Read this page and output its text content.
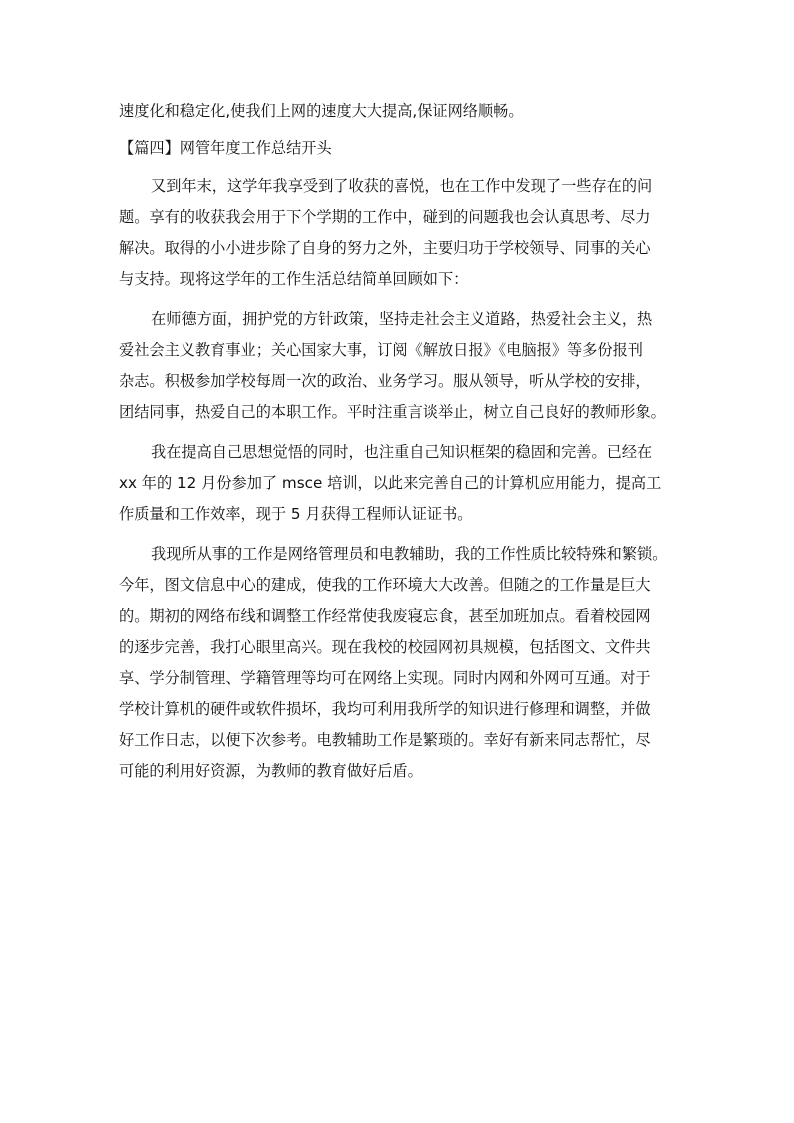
速度化和稳定化,使我们上网的速度大大提高,保证网络顺畅。
【篇四】网管年度工作总结开头
又到年末，这学年我享受到了收获的喜悦，也在工作中发现了一些存在的问
题。享有的收获我会用于下个学期的工作中，碰到的问题我也会认真思考、尽力
解决。取得的小小进步除了自身的努力之外，主要归功于学校领导、同事的关心
与支持。现将这学年的工作生活总结简单回顾如下：
在师德方面，拥护党的方针政策，坚持走社会主义道路，热爱社会主义，热
爱社会主义教育事业；关心国家大事，订阅《解放日报》《电脑报》等多份报刊
杂志。积极参加学校每周一次的政治、业务学习。服从领导，听从学校的安排，
团结同事，热爱自己的本职工作。平时注重言谈举止，树立自己良好的教师形象。
我在提高自己思想觉悟的同时，也注重自己知识框架的稳固和完善。已经在
xx 年的 12 月份参加了 msce 培训，以此来完善自己的计算机应用能力，提高工
作质量和工作效率，现于 5 月获得工程师认证证书。
我现所从事的工作是网络管理员和电教辅助，我的工作性质比较特殊和繁锁。
今年，图文信息中心的建成，使我的工作环境大大改善。但随之的工作量是巨大
的。期初的网络布线和调整工作经常使我废寝忘食，甚至加班加点。看着校园网
的逐步完善，我打心眼里高兴。现在我校的校园网初具规模，包括图文、文件共
享、学分制管理、学籍管理等均可在网络上实现。同时内网和外网可互通。对于
学校计算机的硬件或软件损坏，我均可利用我所学的知识进行修理和调整，并做
好工作日志，以便下次参考。电教辅助工作是繁琐的。幸好有新来同志帮忙，尽
可能的利用好资源，为教师的教育做好后盾。
